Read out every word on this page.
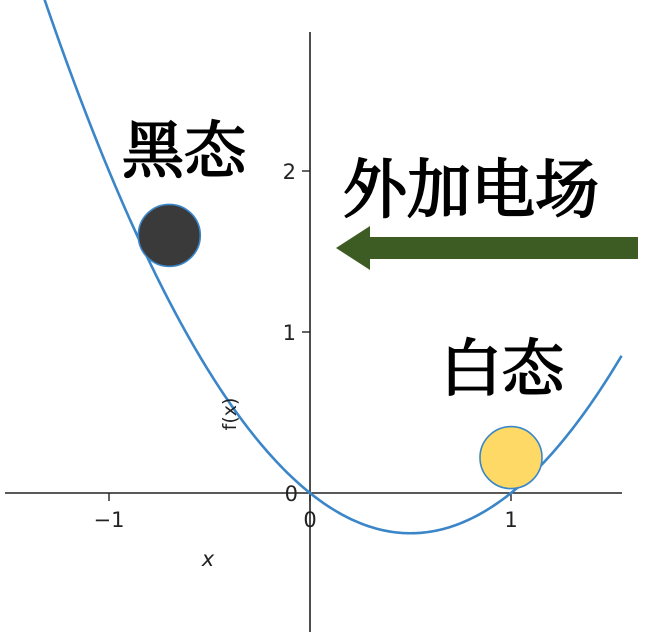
−1	0	1
1
2
0
x
f(x)
黑态
白态
外加电场
